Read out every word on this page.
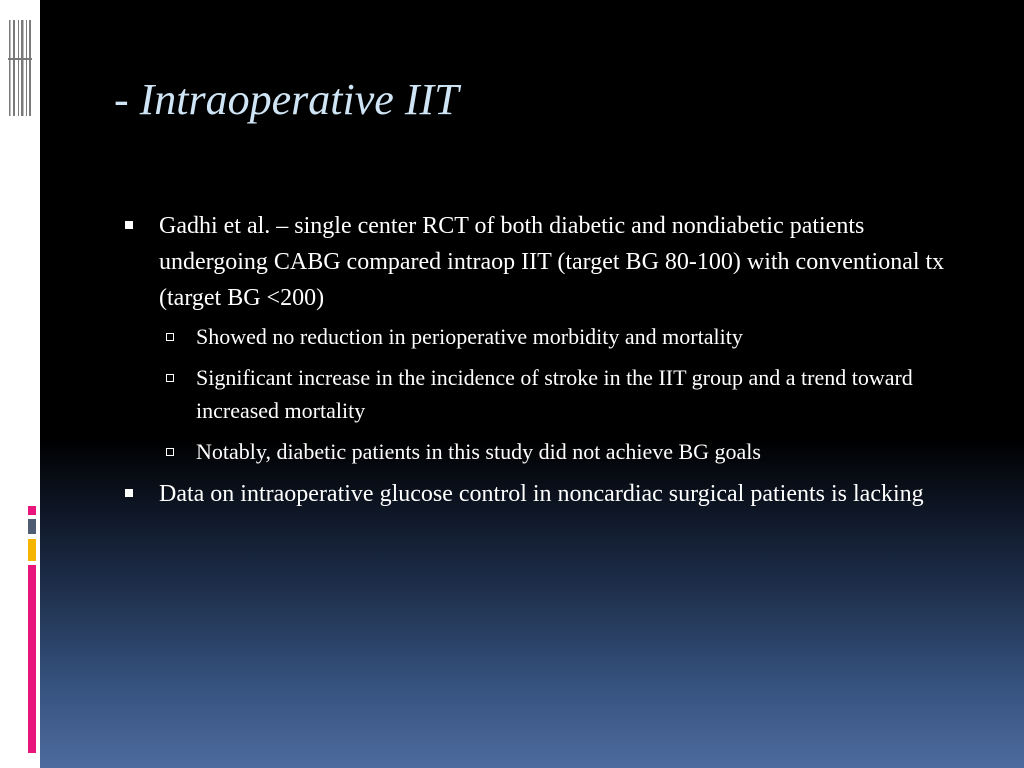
- Intraoperative IIT
Gadhi et al. – single center RCT of both diabetic and nondiabetic patients undergoing CABG compared intraop IIT (target BG 80-100) with conventional tx (target BG <200)
Showed no reduction in perioperative morbidity and mortality
Significant increase in the incidence of stroke in the IIT group and a trend toward increased mortality
Notably, diabetic patients in this study did not achieve BG goals
Data on intraoperative glucose control in noncardiac surgical patients is lacking
